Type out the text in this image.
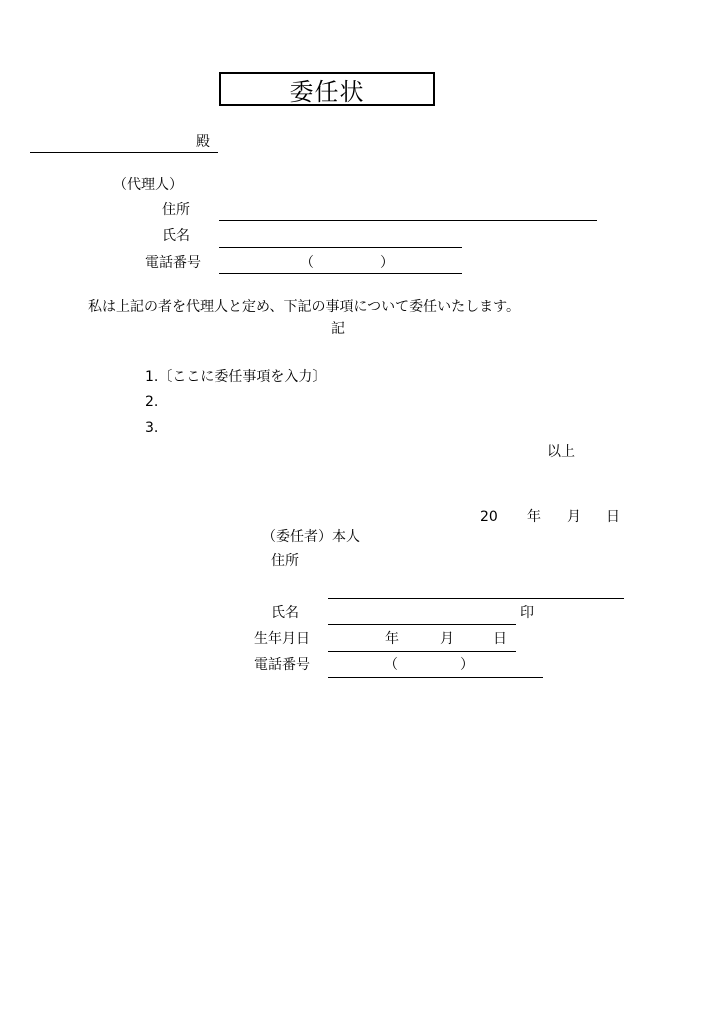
委任状
殿
（代理人）
住所
氏名
電話番号	（	）
私は上記の者を代理人と定め、下記の事項について委任いたします。
記
1.〔ここに委任事項を入力〕
2.
3.
以上
20 年 月 日
（委任者）本人
住所
氏名	印
生年月日	年	月	日
電話番号	（	）
